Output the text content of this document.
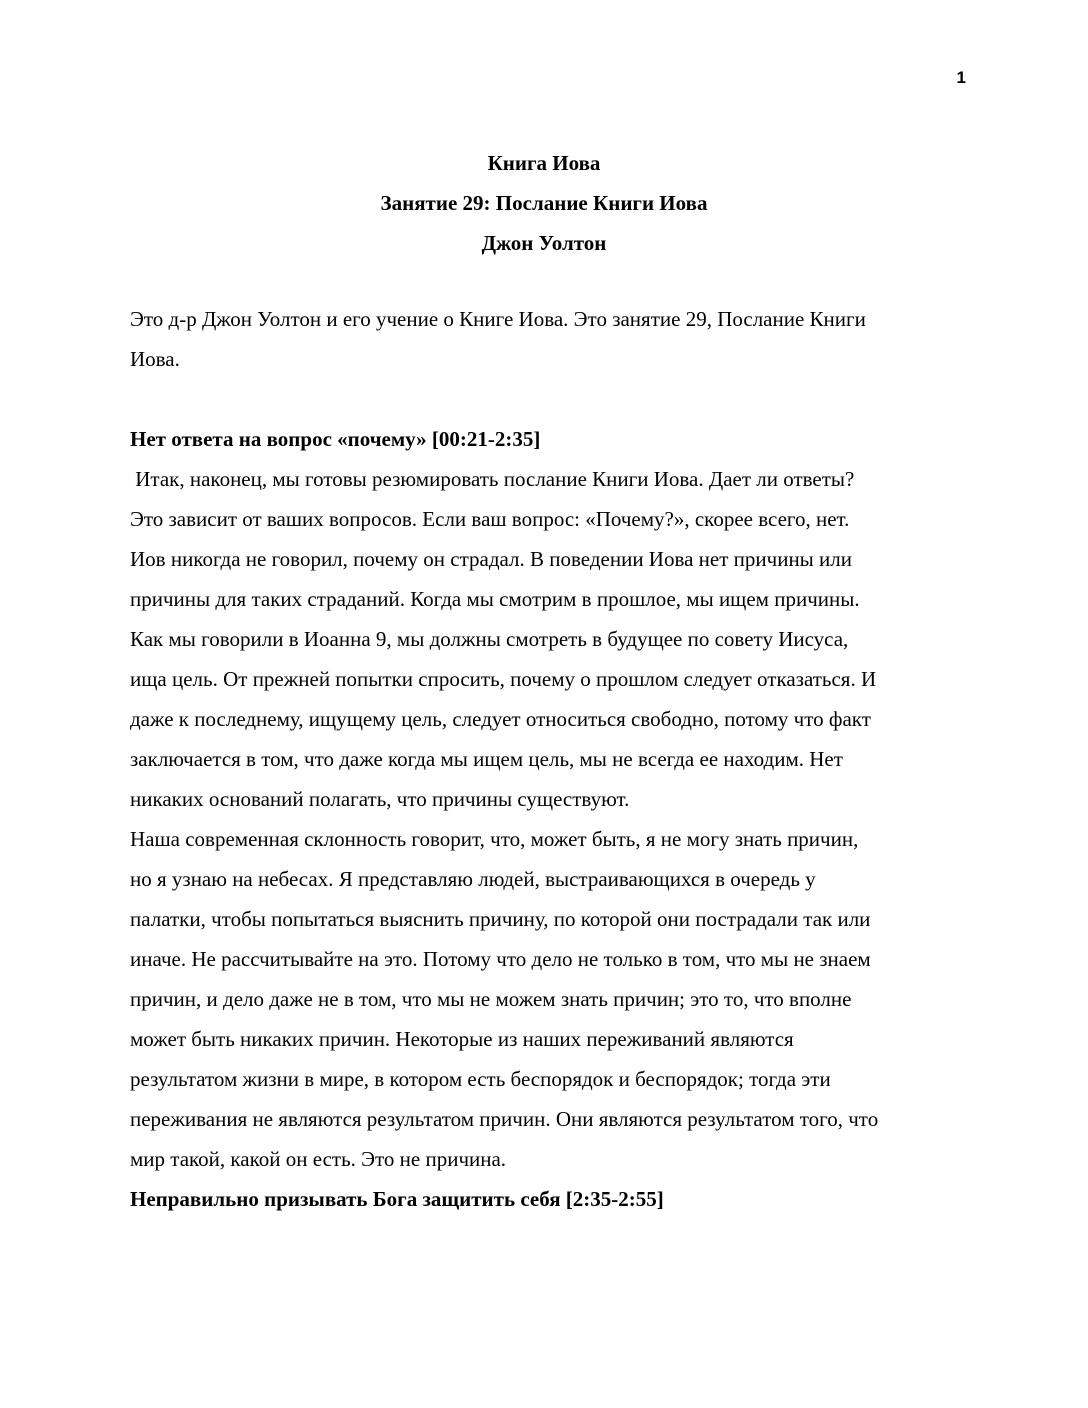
1
Книга Иова
Занятие 29: Послание Книги Иова
Джон Уолтон

Это д-р Джон Уолтон и его учение о Книге Иова. Это занятие 29, Послание Книги
Иова.

Нет ответа на вопрос «почему» [00:21-2:35]

Итак, наконец, мы готовы резюмировать послание Книги Иова. Дает ли ответы?
Это зависит от ваших вопросов. Если ваш вопрос: «Почему?», скорее всего, нет.
Иов никогда не говорил, почему он страдал. В поведении Иова нет причины или
причины для таких страданий. Когда мы смотрим в прошлое, мы ищем причины.
Как мы говорили в Иоанна 9, мы должны смотреть в будущее по совету Иисуса,
ища цель. От прежней попытки спросить, почему о прошлом следует отказаться. И
даже к последнему, ищущему цель, следует относиться свободно, потому что факт
заключается в том, что даже когда мы ищем цель, мы не всегда ее находим. Нет
никаких оснований полагать, что причины существуют.

Наша современная склонность говорит, что, может быть, я не могу знать причин,
но я узнаю на небесах. Я представляю людей, выстраивающихся в очередь у
палатки, чтобы попытаться выяснить причину, по которой они пострадали так или
иначе. Не рассчитывайте на это. Потому что дело не только в том, что мы не знаем
причин, и дело даже не в том, что мы не можем знать причин; это то, что вполне
может быть никаких причин. Некоторые из наших переживаний являются
результатом жизни в мире, в котором есть беспорядок и беспорядок; тогда эти
переживания не являются результатом причин. Они являются результатом того, что
мир такой, какой он есть. Это не причина.

Неправильно призывать Бога защитить себя [2:35-2:55]
